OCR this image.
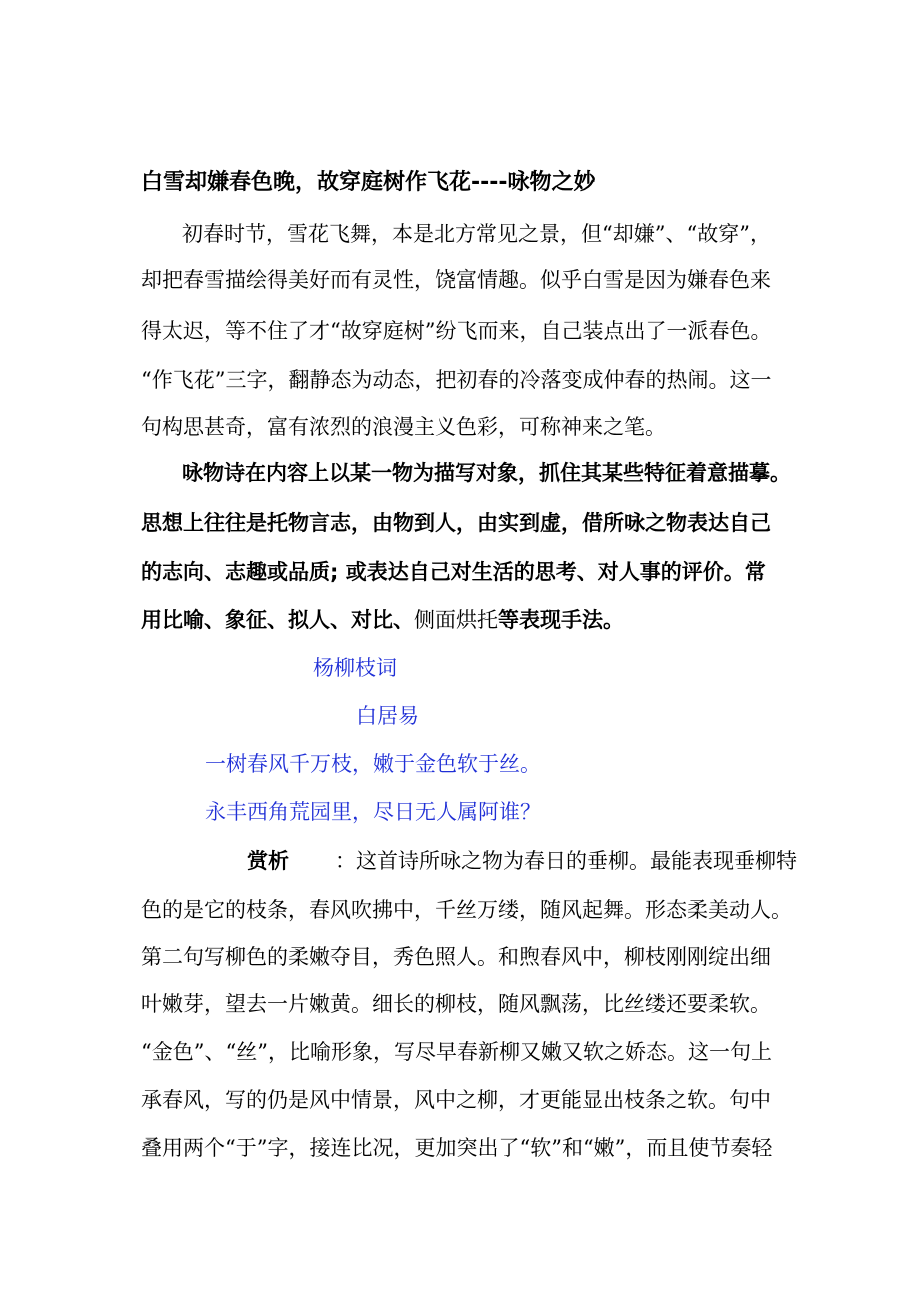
白雪却嫌春色晚，故穿庭树作飞花----咏物之妙
初春时节，雪花飞舞，本是北方常见之景，但“却嫌”、“故穿”，
却把春雪描绘得美好而有灵性，饶富情趣。似乎白雪是因为嫌春色来
得太迟，等不住了才“故穿庭树”纷飞而来，自己装点出了一派春色。
“作飞花”三字，翻静态为动态，把初春的冷落变成仲春的热闹。这一
句构思甚奇，富有浓烈的浪漫主义色彩，可称神来之笔。
咏物诗在内容上以某一物为描写对象，抓住其某些特征着意描摹。
思想上往往是托物言志，由物到人，由实到虚，借所咏之物表达自己
的志向、志趣或品质; 或表达自己对生活的思考、对人事的评价。常
用比喻、象征、拟人、对比、侧面烘托等表现手法。
杨柳枝词
白居易
一树春风千万枝，嫩于金色软于丝。
永丰西角荒园里，尽日无人属阿谁？
赏析 ：这首诗所咏之物为春日的垂柳。最能表现垂柳特
色的是它的枝条，春风吹拂中，千丝万缕，随风起舞。形态柔美动人。
第二句写柳色的柔嫩夺目，秀色照人。和煦春风中，柳枝刚刚绽出细
叶嫩芽，望去一片嫩黄。细长的柳枝，随风飘荡，比丝缕还要柔软。
“金色”、“丝”，比喻形象，写尽早春新柳又嫩又软之娇态。这一句上
承春风，写的仍是风中情景，风中之柳，才更能显出枝条之软。句中
叠用两个“于”字，接连比况，更加突出了“软”和“嫩”，而且使节奏轻
